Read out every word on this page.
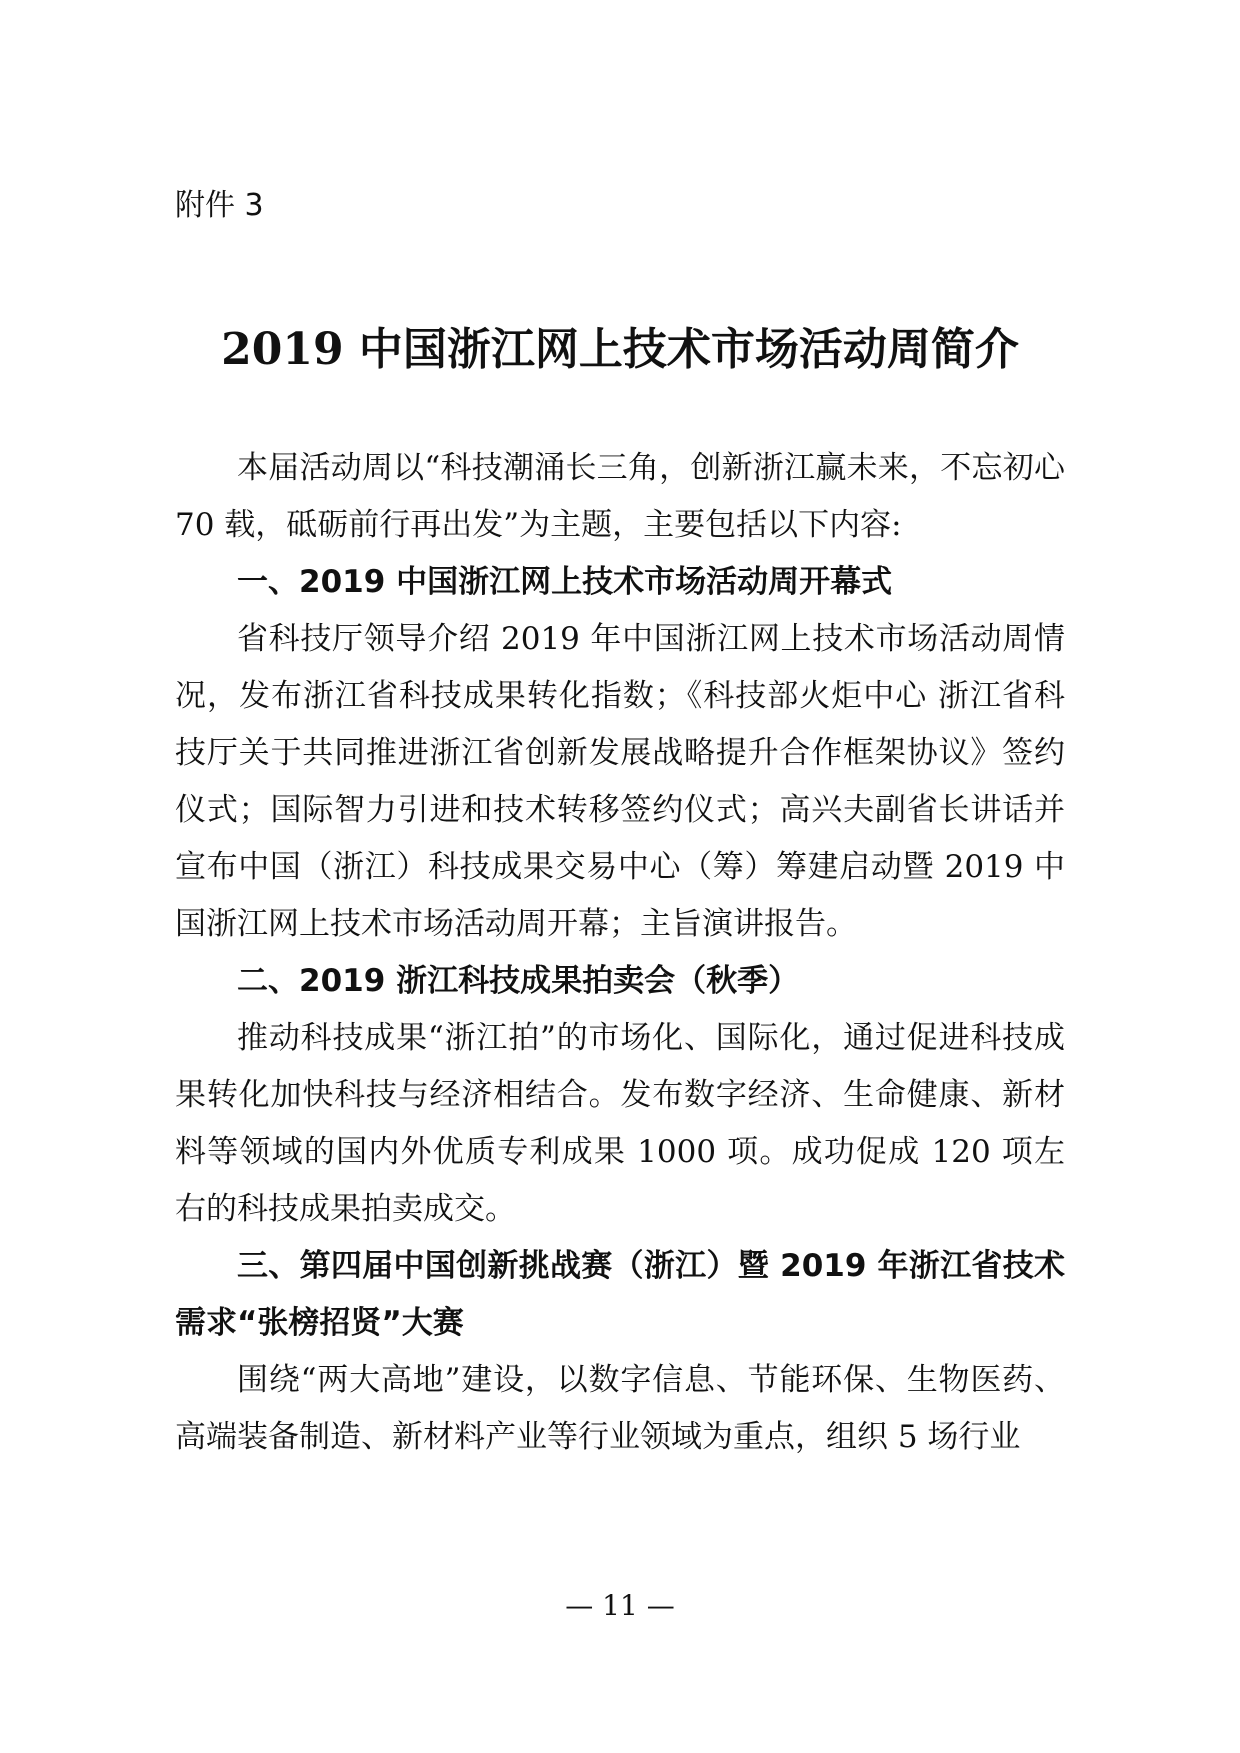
附件 3

2019 中国浙江网上技术市场活动周简介

本届活动周以“科技潮涌长三角，创新浙江赢未来，不忘初心 70 载，砥砺前行再出发”为主题，主要包括以下内容:

一、2019 中国浙江网上技术市场活动周开幕式

省科技厅领导介绍 2019 年中国浙江网上技术市场活动周情况，发布浙江省科技成果转化指数；《科技部火炬中心 浙江省科技厅关于共同推进浙江省创新发展战略提升合作框架协议》签约仪式；国际智力引进和技术转移签约仪式；高兴夫副省长讲话并宣布中国（浙江）科技成果交易中心（筹）筹建启动暨 2019 中国浙江网上技术市场活动周开幕；主旨演讲报告。

二、2019 浙江科技成果拍卖会（秋季）

推动科技成果“浙江拍”的市场化、国际化，通过促进科技成果转化加快科技与经济相结合。发布数字经济、生命健康、新材料等领域的国内外优质专利成果 1000 项。成功促成 120 项左右的科技成果拍卖成交。

三、第四届中国创新挑战赛（浙江）暨 2019 年浙江省技术需求“张榜招贤”大赛

围绕“两大高地”建设，以数字信息、节能环保、生物医药、高端装备制造、新材料产业等行业领域为重点，组织 5 场行业

— 11 —
